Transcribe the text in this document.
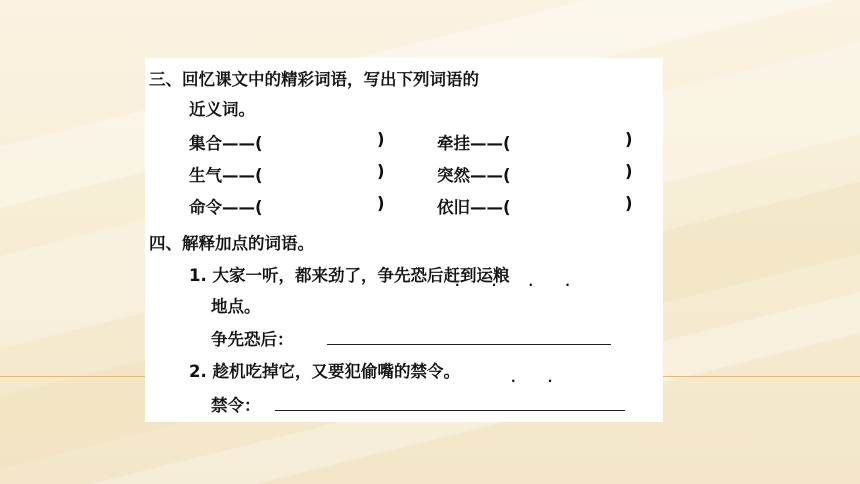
三、回忆课文中的精彩词语，写出下列词语的
近义词。
集合——(	)	牵挂——(	)
生气——(	)	突然——(	)
命令——(	)	依旧——(	)
四、解释加点的词语。
1. 大家一听，都来劲了，争先恐后赶到运粮
· · · ·
地点。
争先恐后：
2. 趁机吃掉它，又要犯偷嘴的禁令。	· ·
禁令：
